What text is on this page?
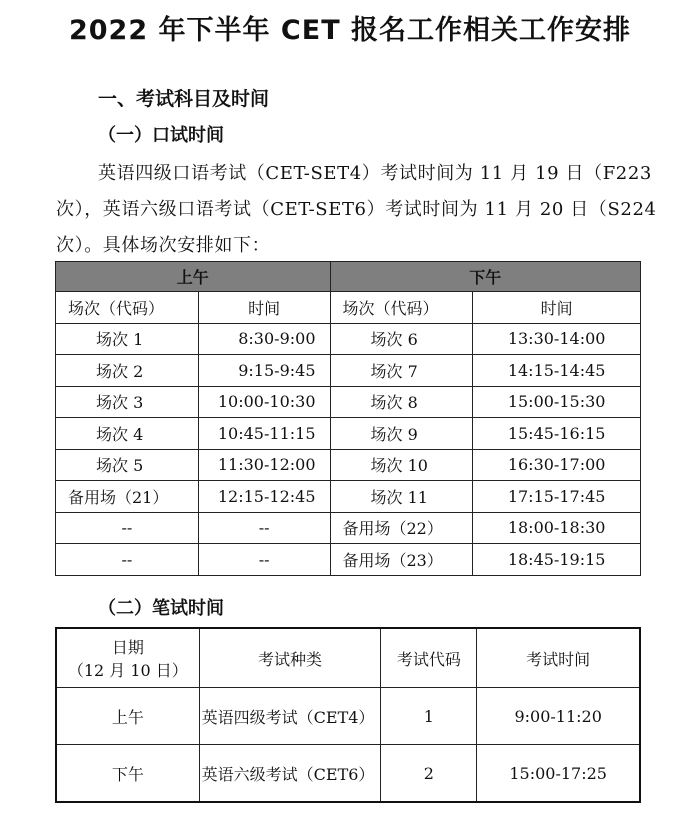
2022 年下半年 CET 报名工作相关工作安排
一、考试科目及时间
（一）口试时间
英语四级口语考试（CET-SET4）考试时间为 11 月 19 日（F223
次），英语六级口语考试（CET-SET6）考试时间为 11 月 20 日（S224
次）。具体场次安排如下：
上午		下午	
场次（代码）	时间	场次（代码）	时间
场次 1	8:30-9:00	场次 6	13:30-14:00
场次 2	9:15-9:45	场次 7	14:15-14:45
场次 3	10:00-10:30	场次 8	15:00-15:30
场次 4	10:45-11:15	场次 9	15:45-16:15
场次 5	11:30-12:00	场次 10	16:30-17:00
备用场（21）	12:15-12:45	场次 11	17:15-17:45
--	--	备用场（22）	18:00-18:30
--	--	备用场（23）	18:45-19:15
（二）笔试时间
日期
（12 月 10 日）	考试种类	考试代码	考试时间
上午	英语四级考试（CET4）	1	9:00-11:20
下午	英语六级考试（CET6）	2	15:00-17:25
